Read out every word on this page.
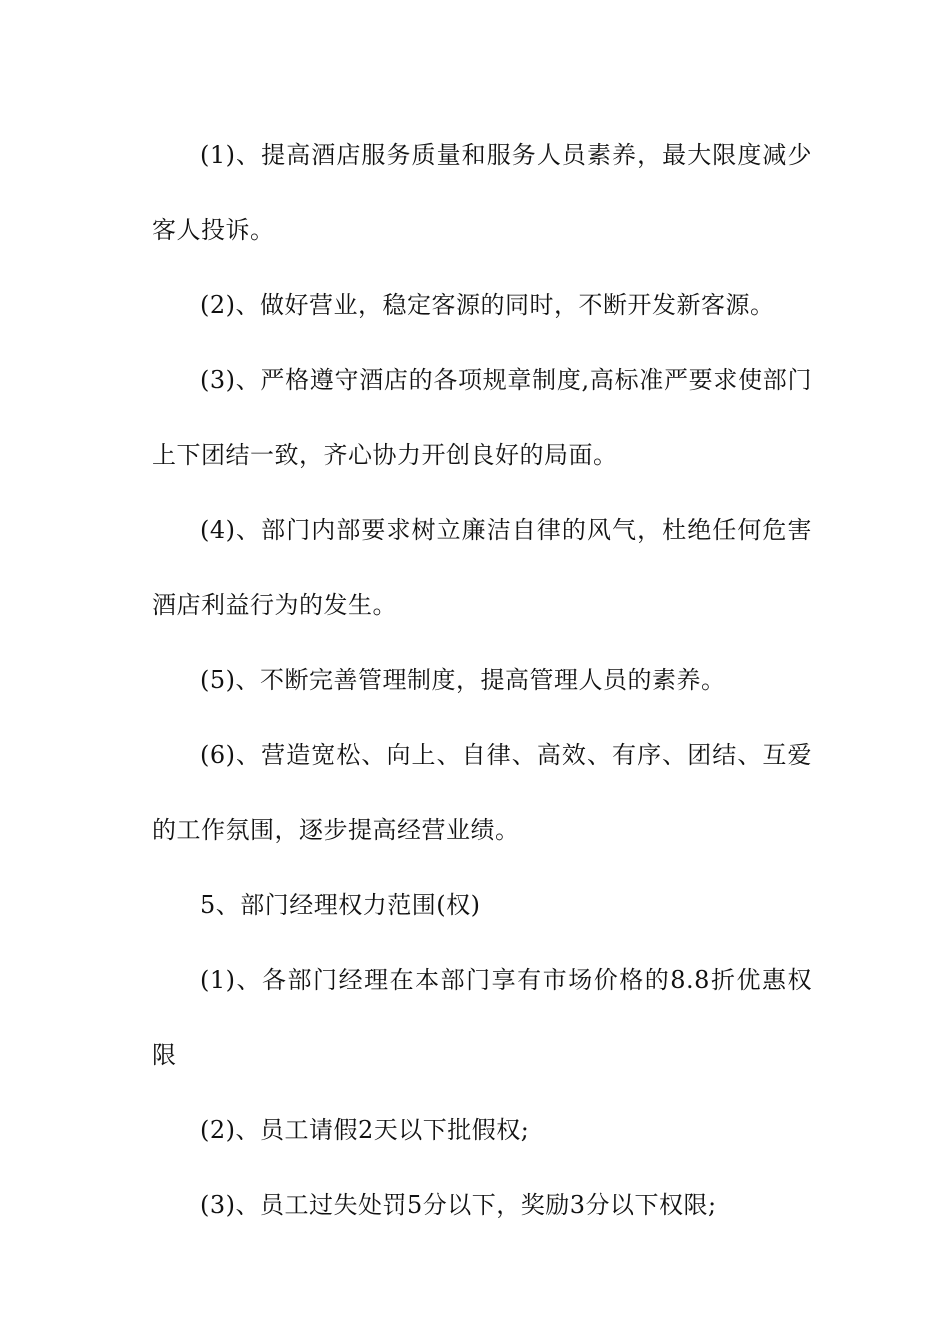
(1)、提高酒店服务质量和服务人员素养，最大限度减少客人投诉。

(2)、做好营业，稳定客源的同时，不断开发新客源。

(3)、严格遵守酒店的各项规章制度,高标准严要求使部门上下团结一致，齐心协力开创良好的局面。

(4)、部门内部要求树立廉洁自律的风气，杜绝任何危害酒店利益行为的发生。

(5)、不断完善管理制度，提高管理人员的素养。

(6)、营造宽松、向上、自律、高效、有序、团结、互爱的工作氛围，逐步提高经营业绩。

5、部门经理权力范围(权)

(1)、各部门经理在本部门享有市场价格的8.8折优惠权限

(2)、员工请假2天以下批假权;

(3)、员工过失处罚5分以下，奖励3分以下权限;
